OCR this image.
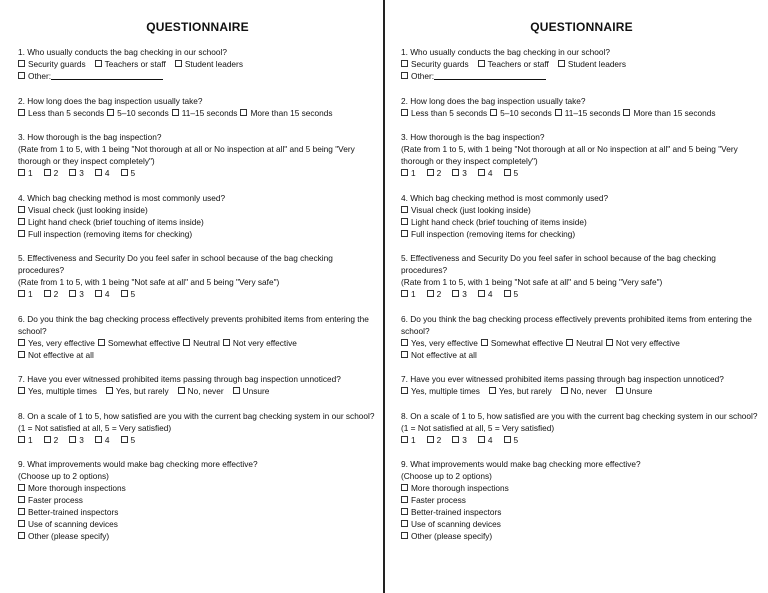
QUESTIONNAIRE
1. Who usually conducts the bag checking in our school?
Security guards Teachers or staff Student leaders
Other:
2. How long does the bag inspection usually take?
Less than 5 seconds 5–10 seconds 11–15 seconds More than 15 seconds
3. How thorough is the bag inspection?
(Rate from 1 to 5, with 1 being "Not thorough at all or No inspection at all" and 5 being "Very thorough or they inspect completely")
1	2	3	4	5
4. Which bag checking method is most commonly used?
Visual check (just looking inside)
Light hand check (brief touching of items inside)
Full inspection (removing items for checking)
5. Effectiveness and Security Do you feel safer in school because of the bag checking procedures?
(Rate from 1 to 5, with 1 being "Not safe at all" and 5 being "Very safe")
1	2	3	4	5
6. Do you think the bag checking process effectively prevents prohibited items from entering the school?
Yes, very effective Somewhat effective Neutral Not very effective
Not effective at all
7. Have you ever witnessed prohibited items passing through bag inspection unnoticed?
Yes, multiple times Yes, but rarely No, never Unsure
8. On a scale of 1 to 5, how satisfied are you with the current bag checking system in our school?
(1 = Not satisfied at all, 5 = Very satisfied)
1	2	3	4	5
9. What improvements would make bag checking more effective?
(Choose up to 2 options)
More thorough inspections
Faster process
Better-trained inspectors
Use of scanning devices
Other (please specify)
QUESTIONNAIRE
1. Who usually conducts the bag checking in our school?
Security guards Teachers or staff Student leaders
Other:
2. How long does the bag inspection usually take?
Less than 5 seconds 5–10 seconds 11–15 seconds More than 15 seconds
3. How thorough is the bag inspection?
(Rate from 1 to 5, with 1 being "Not thorough at all or No inspection at all" and 5 being "Very thorough or they inspect completely")
1	2	3	4	5
4. Which bag checking method is most commonly used?
Visual check (just looking inside)
Light hand check (brief touching of items inside)
Full inspection (removing items for checking)
5. Effectiveness and Security Do you feel safer in school because of the bag checking procedures?
(Rate from 1 to 5, with 1 being "Not safe at all" and 5 being "Very safe")
1	2	3	4	5
6. Do you think the bag checking process effectively prevents prohibited items from entering the school?
Yes, very effective Somewhat effective Neutral Not very effective
Not effective at all
7. Have you ever witnessed prohibited items passing through bag inspection unnoticed?
Yes, multiple times Yes, but rarely No, never Unsure
8. On a scale of 1 to 5, how satisfied are you with the current bag checking system in our school?
(1 = Not satisfied at all, 5 = Very satisfied)
1	2	3	4	5
9. What improvements would make bag checking more effective?
(Choose up to 2 options)
More thorough inspections
Faster process
Better-trained inspectors
Use of scanning devices
Other (please specify)
